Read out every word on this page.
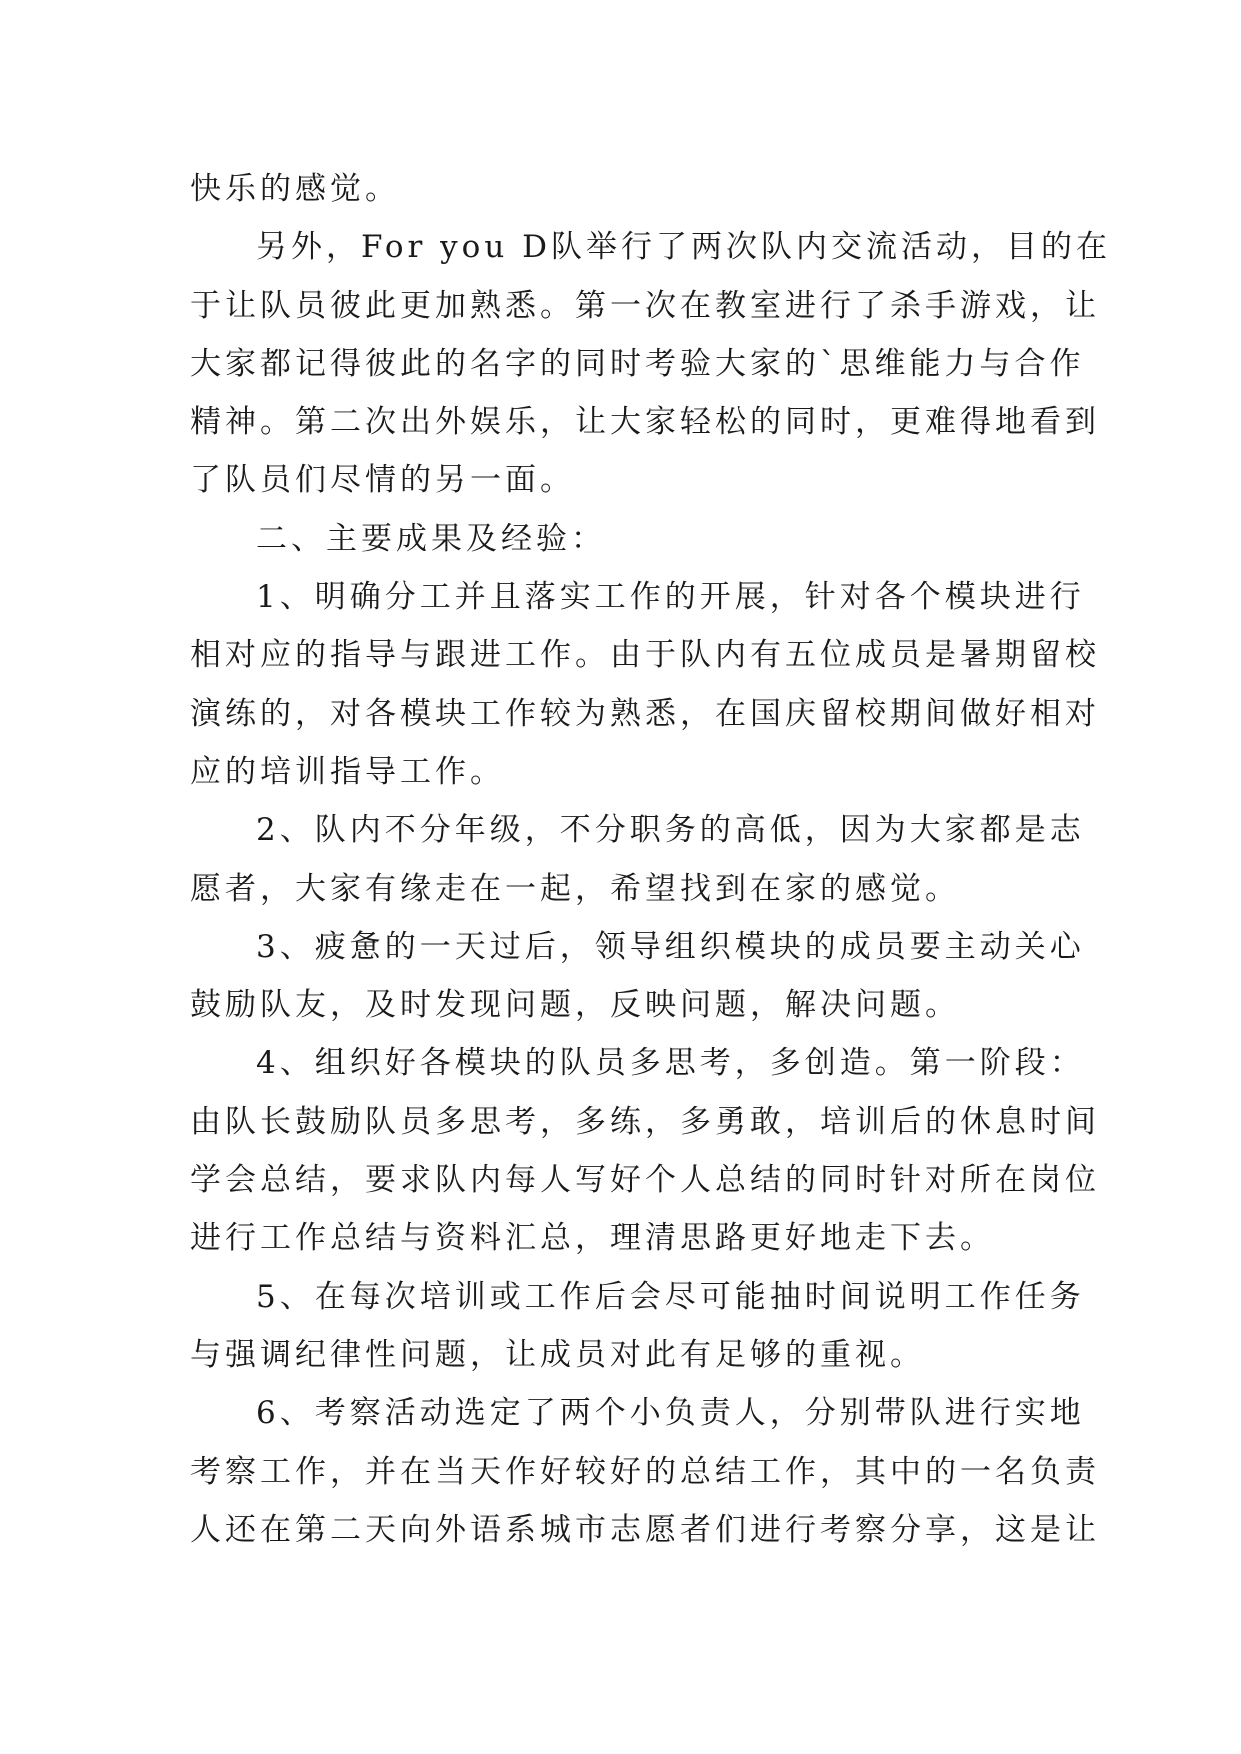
快乐的感觉。
另外，For you D队举行了两次队内交流活动，目的在
于让队员彼此更加熟悉。第一次在教室进行了杀手游戏，让
大家都记得彼此的名字的同时考验大家的`思维能力与合作
精神。第二次出外娱乐，让大家轻松的同时，更难得地看到
了队员们尽情的另一面。
二、主要成果及经验：
1、明确分工并且落实工作的开展，针对各个模块进行
相对应的指导与跟进工作。由于队内有五位成员是暑期留校
演练的，对各模块工作较为熟悉，在国庆留校期间做好相对
应的培训指导工作。
2、队内不分年级，不分职务的高低，因为大家都是志
愿者，大家有缘走在一起，希望找到在家的感觉。
3、疲惫的一天过后，领导组织模块的成员要主动关心
鼓励队友，及时发现问题，反映问题，解决问题。
4、组织好各模块的队员多思考，多创造。第一阶段：
由队长鼓励队员多思考，多练，多勇敢，培训后的休息时间
学会总结，要求队内每人写好个人总结的同时针对所在岗位
进行工作总结与资料汇总，理清思路更好地走下去。
5、在每次培训或工作后会尽可能抽时间说明工作任务
与强调纪律性问题，让成员对此有足够的重视。
6、考察活动选定了两个小负责人，分别带队进行实地
考察工作，并在当天作好较好的总结工作，其中的一名负责
人还在第二天向外语系城市志愿者们进行考察分享，这是让
